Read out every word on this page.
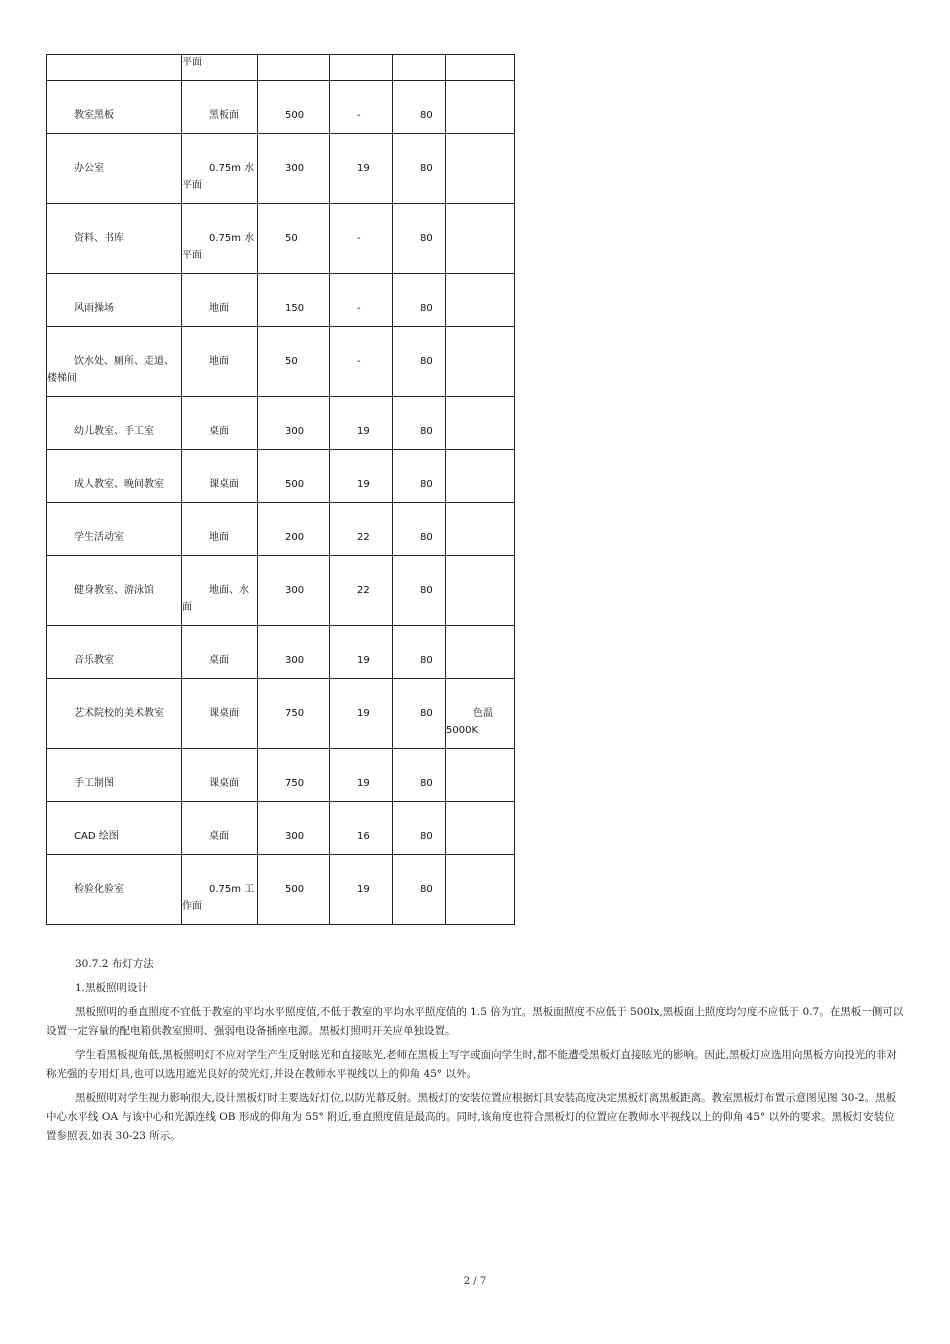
	平面				

教室黑板	黑板面	500	-	80	

办公室	0.75m 水平面	300	19	80	

资料、书库	0.75m 水平面	50	-	80	

风雨操场	地面	150	-	80	

饮水处、厕所、走道、楼梯间	地面	50	-	80	

幼儿教室、手工室	桌面	300	19	80	

成人教室、晚间教室	课桌面	500	19	80	

学生活动室	地面	200	22	80	

健身教室、游泳馆	地面、水面	300	22	80	

音乐教室	桌面	300	19	80	

艺术院校的美术教室	课桌面	750	19	80	色温 5000K

手工制图	课桌面	750	19	80	

CAD 绘图	桌面	300	16	80	

检验化验室	0.75m 工作面	500	19	80	

30.7.2 布灯方法

1.黑板照明设计

黑板照明的垂直照度不宜低于教室的平均水平照度值,不低于教室的平均水平照度值的 1.5 倍为宜。黑板面照度不应低于 500lx,黑板面上照度均匀度不应低于 0.7。在黑板一侧可以设置一定容量的配电箱供教室照明、强弱电设备插座电源。黑板灯照明开关应单独设置。

学生看黑板视角低,黑板照明灯不应对学生产生反射眩光和直接眩光,老师在黑板上写字或面向学生时,都不能遭受黑板灯直接眩光的影响。因此,黑板灯应选用向黑板方向投光的非对称光强的专用灯具,也可以选用遮光良好的荧光灯,并设在教师水平视线以上的仰角 45° 以外。

黑板照明对学生视力影响很大,设计黑板灯时主要选好灯位,以防光幕反射。黑板灯的安装位置应根据灯具安装高度决定黑板灯离黑板距离。教室黑板灯布置示意图见图 30-2。黑板中心水平线 OA 与该中心和光源连线 OB 形成的仰角为 55° 附近,垂直照度值是最高的。同时,该角度也符合黑板灯的位置应在教师水平视线以上的仰角 45° 以外的要求。黑板灯安装位置参照表,如表 30-23 所示。

2 / 7
